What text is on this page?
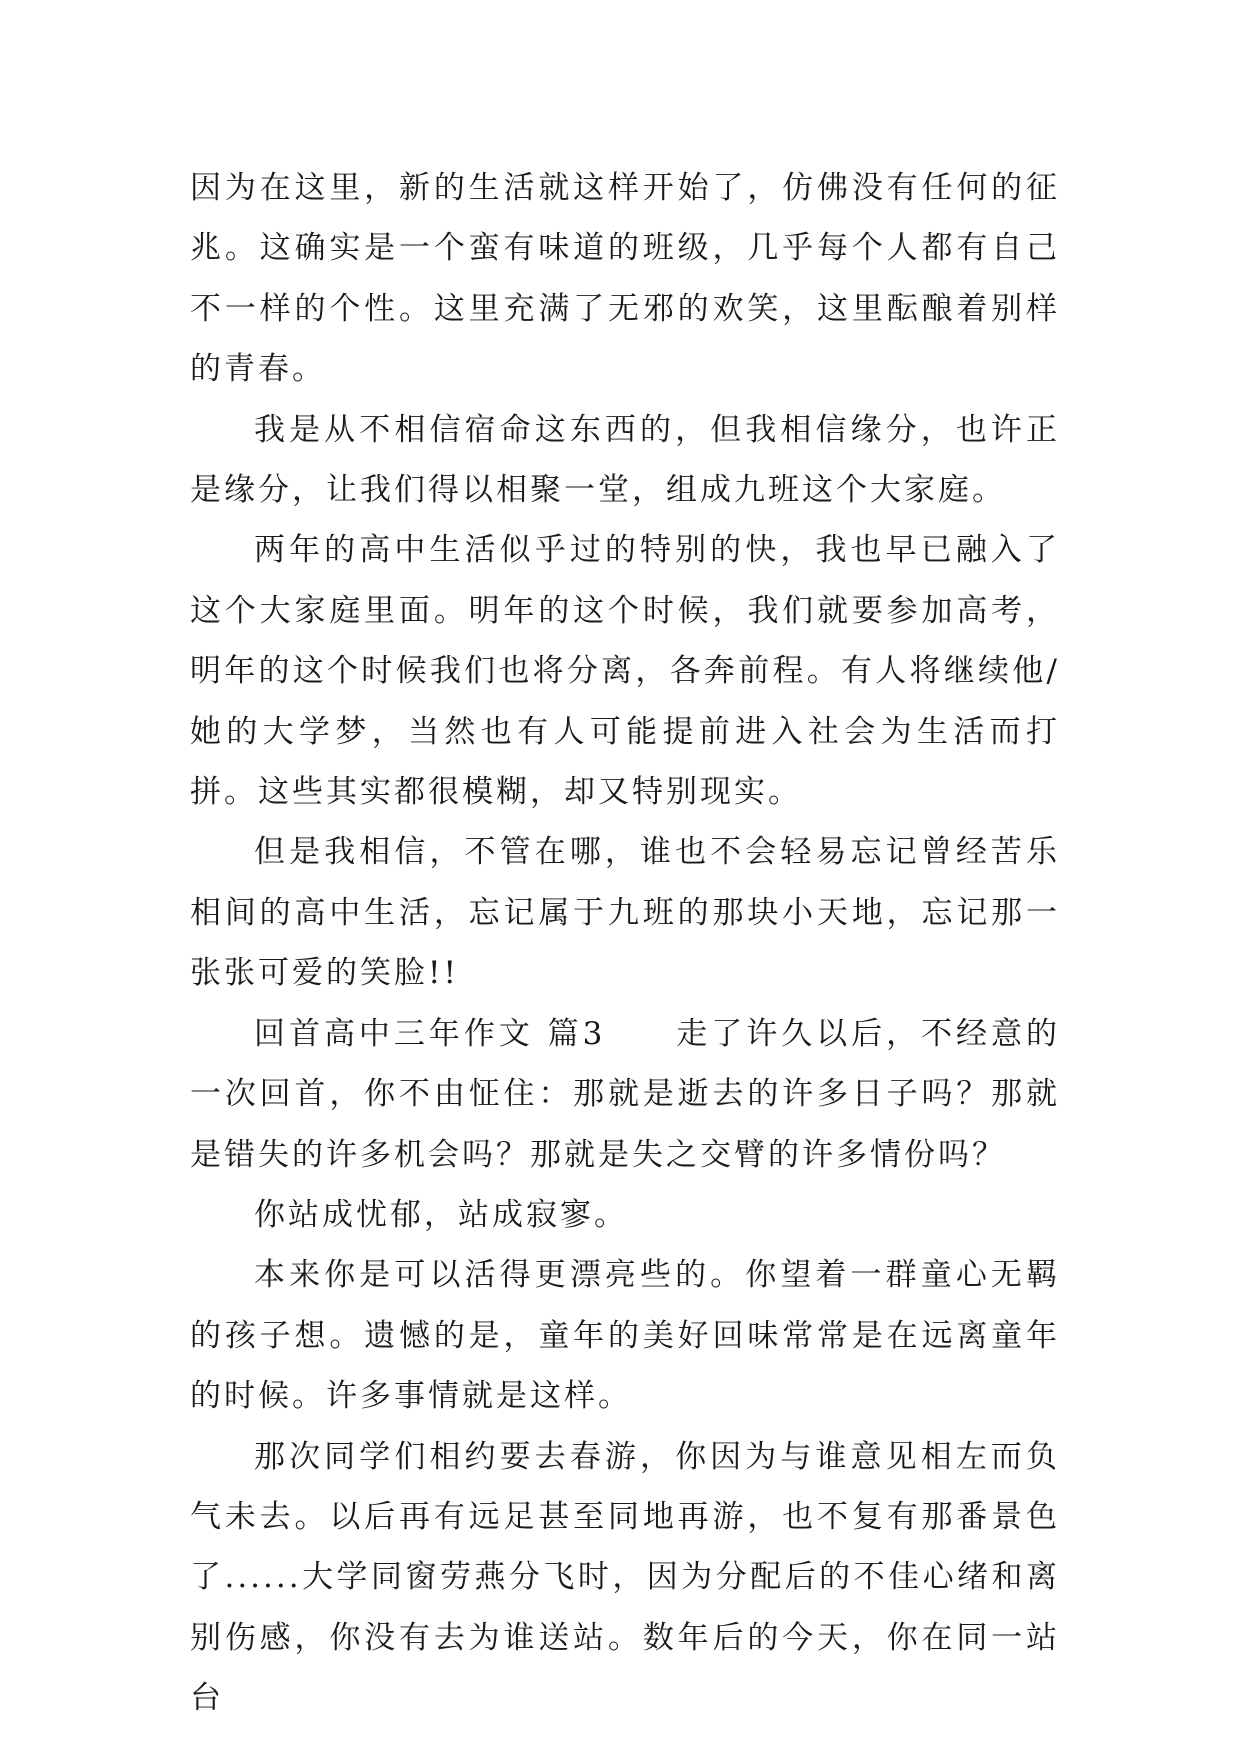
因为在这里，新的生活就这样开始了，仿佛没有任何的征兆。这确实是一个蛮有味道的班级，几乎每个人都有自己不一样的个性。这里充满了无邪的欢笑，这里酝酿着别样的青春。

我是从不相信宿命这东西的，但我相信缘分，也许正是缘分，让我们得以相聚一堂，组成九班这个大家庭。

两年的高中生活似乎过的特别的快，我也早已融入了这个大家庭里面。明年的这个时候，我们就要参加高考，明年的这个时候我们也将分离，各奔前程。有人将继续他/她的大学梦，当然也有人可能提前进入社会为生活而打拼。这些其实都很模糊，却又特别现实。

但是我相信，不管在哪，谁也不会轻易忘记曾经苦乐相间的高中生活，忘记属于九班的那块小天地，忘记那一张张可爱的笑脸!!

回首高中三年作文 篇3　　走了许久以后，不经意的一次回首，你不由怔住：那就是逝去的许多日子吗？那就是错失的许多机会吗？那就是失之交臂的许多情份吗？

你站成忧郁，站成寂寥。

本来你是可以活得更漂亮些的。你望着一群童心无羁的孩子想。遗憾的是，童年的美好回味常常是在远离童年的时候。许多事情就是这样。

那次同学们相约要去春游，你因为与谁意见相左而负气未去。以后再有远足甚至同地再游，也不复有那番景色了......大学同窗劳燕分飞时，因为分配后的不佳心绪和离别伤感，你没有去为谁送站。数年后的今天，你在同一站台
